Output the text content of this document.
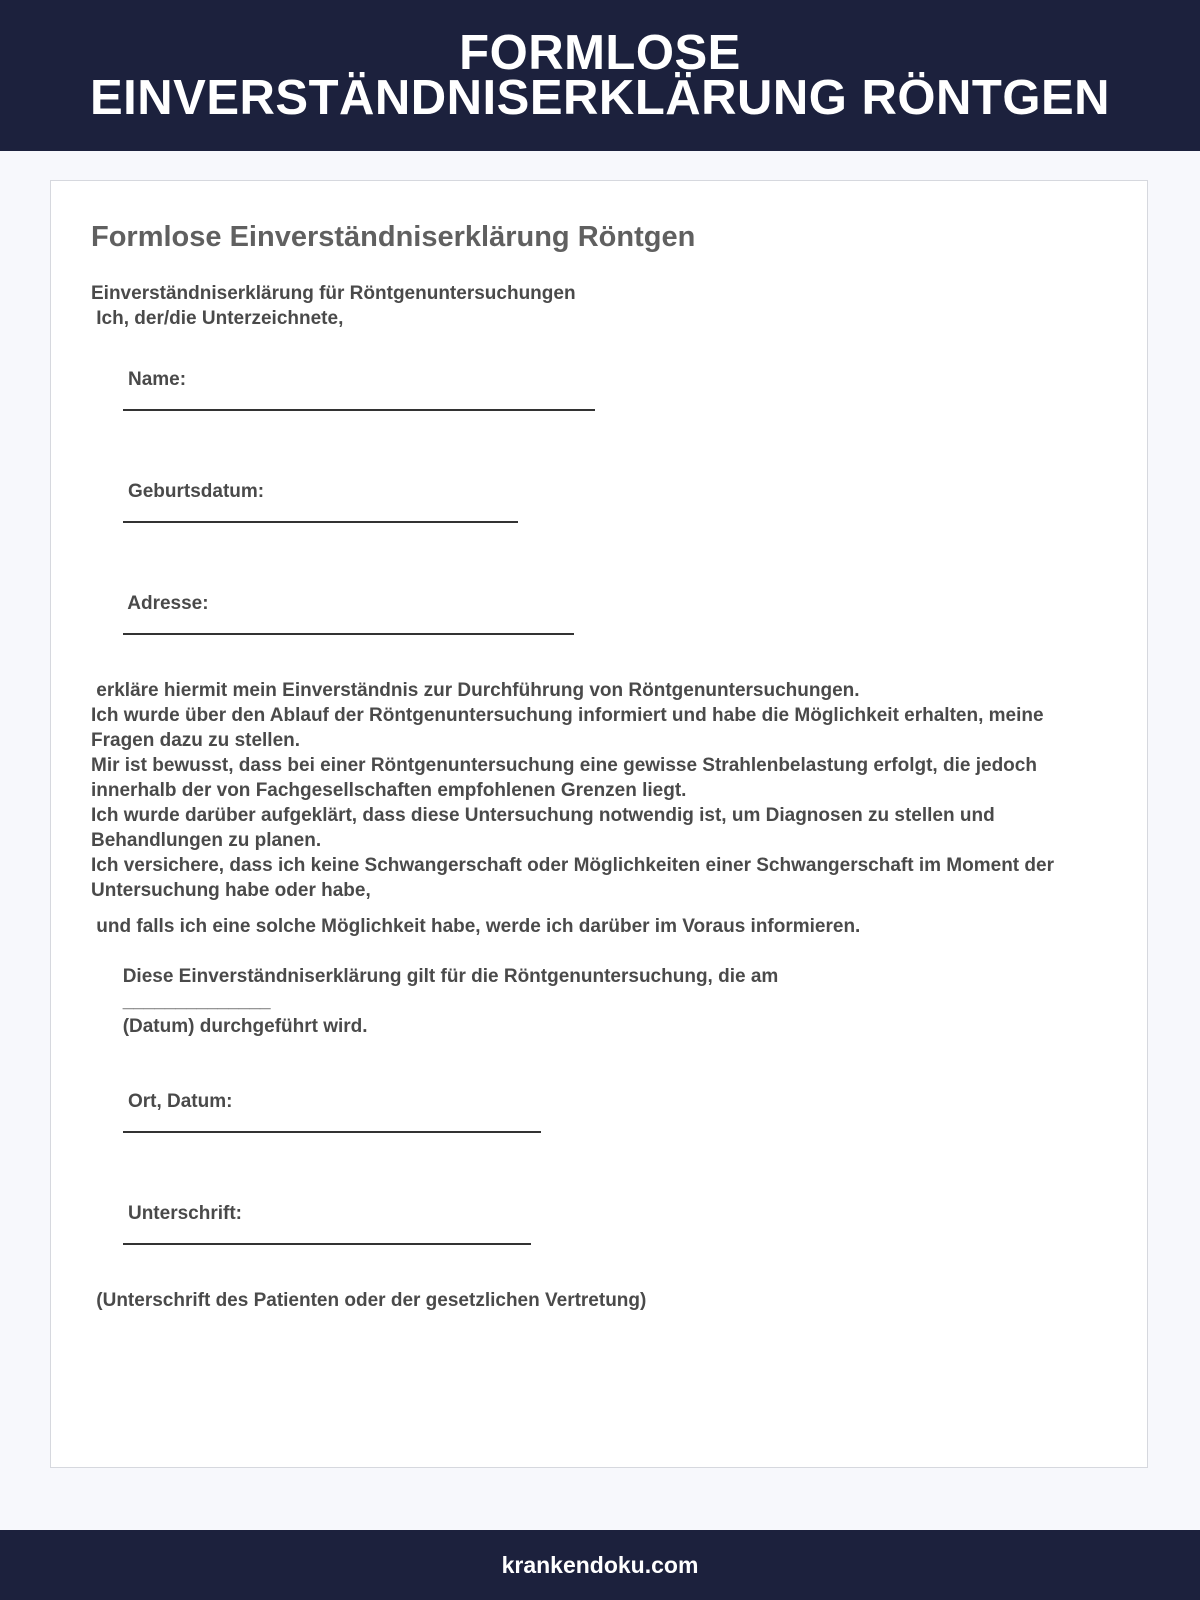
FORMLOSE
EINVERSTÄNDNISERKLÄRUNG RÖNTGEN
Formlose Einverständniserklärung Röntgen
Einverständniserklärung für Röntgenuntersuchungen
Ich, der/die Unterzeichnete,

Name:

Geburtsdatum:

Adresse:

erkläre hiermit mein Einverständnis zur Durchführung von Röntgenuntersuchungen.
Ich wurde über den Ablauf der Röntgenuntersuchung informiert und habe die Möglichkeit erhalten, meine Fragen dazu zu stellen.
Mir ist bewusst, dass bei einer Röntgenuntersuchung eine gewisse Strahlenbelastung erfolgt, die jedoch innerhalb der von Fachgesellschaften empfohlenen Grenzen liegt.
Ich wurde darüber aufgeklärt, dass diese Untersuchung notwendig ist, um Diagnosen zu stellen und Behandlungen zu planen.
Ich versichere, dass ich keine Schwangerschaft oder Möglichkeiten einer Schwangerschaft im Moment der Untersuchung habe oder habe,
und falls ich eine solche Möglichkeit habe, werde ich darüber im Voraus informieren.

Diese Einverständniserklärung gilt für die Röntgenuntersuchung, die am
______________
(Datum) durchgeführt wird.

Ort, Datum:

Unterschrift:

(Unterschrift des Patienten oder der gesetzlichen Vertretung)
krankendoku.com
